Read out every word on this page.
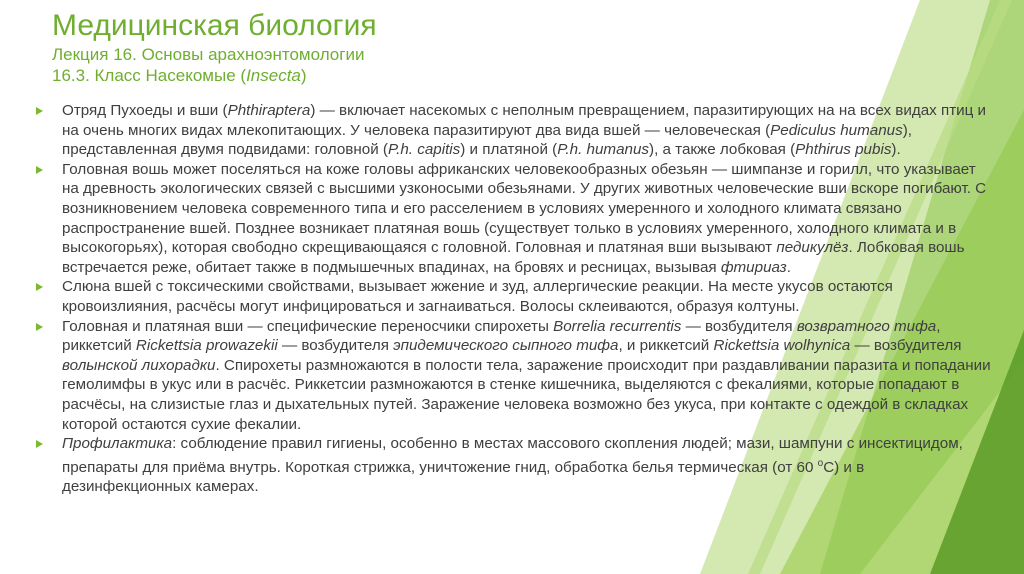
Медицинская биология
Лекция 16. Основы арахноэнтомологии
16.3. Класс Насекомые (Insecta)

Отряд Пухоеды и вши (Phthiraptera) — включает насекомых с неполным превращением, паразитирующих на на всех видах птиц и на очень многих видах млекопитающих. У человека паразитируют два вида вшей — человеческая (Pediculus humanus), представленная двумя подвидами: головной (P.h. capitis) и платяной (P.h. humanus), а также лобковая (Phthirus pubis).

Головная вошь может поселяться на коже головы африканских человекообразных обезьян — шимпанзе и горилл, что указывает на древность экологических связей с высшими узконосыми обезьянами. У других животных человеческие вши вскоре погибают. С возникновением человека современного типа и его расселением в условиях умеренного и холодного климата связано распространение вшей. Позднее возникает платяная вошь (существует только в условиях умеренного, холодного климата и в высокогорьях), которая свободно скрещивающаяся с головной. Головная и платяная вши вызывают педикулёз. Лобковая вошь встречается реже, обитает также в подмышечных впадинах, на бровях и ресницах, вызывая фтириаз.

Слюна вшей с токсическими свойствами, вызывает жжение и зуд, аллергические реакции. На месте укусов остаются кровоизлияния, расчёсы могут инфицироваться и загнаиваться. Волосы склеиваются, образуя колтуны.

Головная и платяная вши — специфические переносчики спирохеты Borrelia recurrentis — возбудителя возвратного тифа, риккетсий Rickettsia prowazekii — возбудителя эпидемического сыпного тифа, и риккетсий Rickettsia wolhynica — возбудителя волынской лихорадки. Спирохеты размножаются в полости тела, заражение происходит при раздавливании паразита и попадании гемолимфы в укус или в расчёс. Риккетсии размножаются в стенке кишечника, выделяются с фекалиями, которые попадают в расчёсы, на слизистые глаз и дыхательных путей. Заражение человека возможно без укуса, при контакте с одеждой в складках которой остаются сухие фекалии.

Профилактика: соблюдение правил гигиены, особенно в местах массового скопления людей; мази, шампуни с инсектицидом, препараты для приёма внутрь. Короткая стрижка, уничтожение гнид, обработка белья термическая (от 60 $^о$С) и в дезинфекционных камерах.
